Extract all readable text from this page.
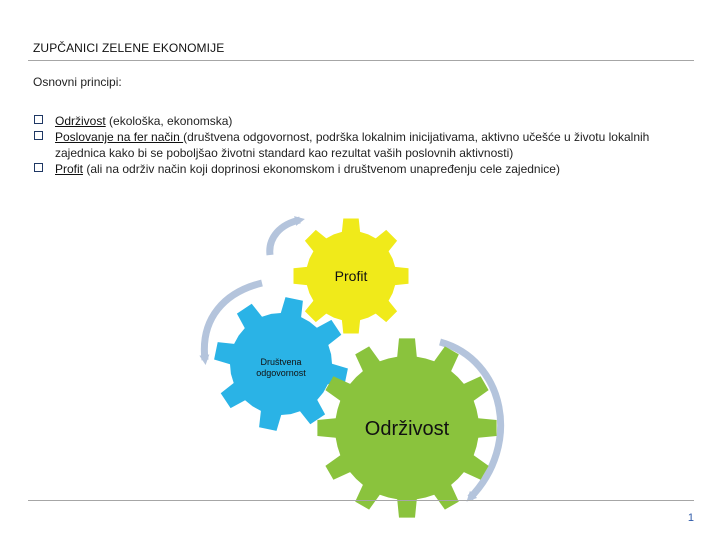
ZUPČANICI ZELENE EKONOMIJE
Osnovni principi:
Održivost (ekološka, ekonomska)
Poslovanje na fer način (društvena odgovornost, podrška lokalnim inicijativama, aktivno učešće u životu lokalnih zajednica kako bi se poboljšao životni standard kao rezultat vaših poslovnih aktivnosti)
Profit (ali na održiv način koji doprinosi ekonomskom i društvenom unapređenju cele zajednice)
Profit
Društvena
odgovornost
Održivost
1
